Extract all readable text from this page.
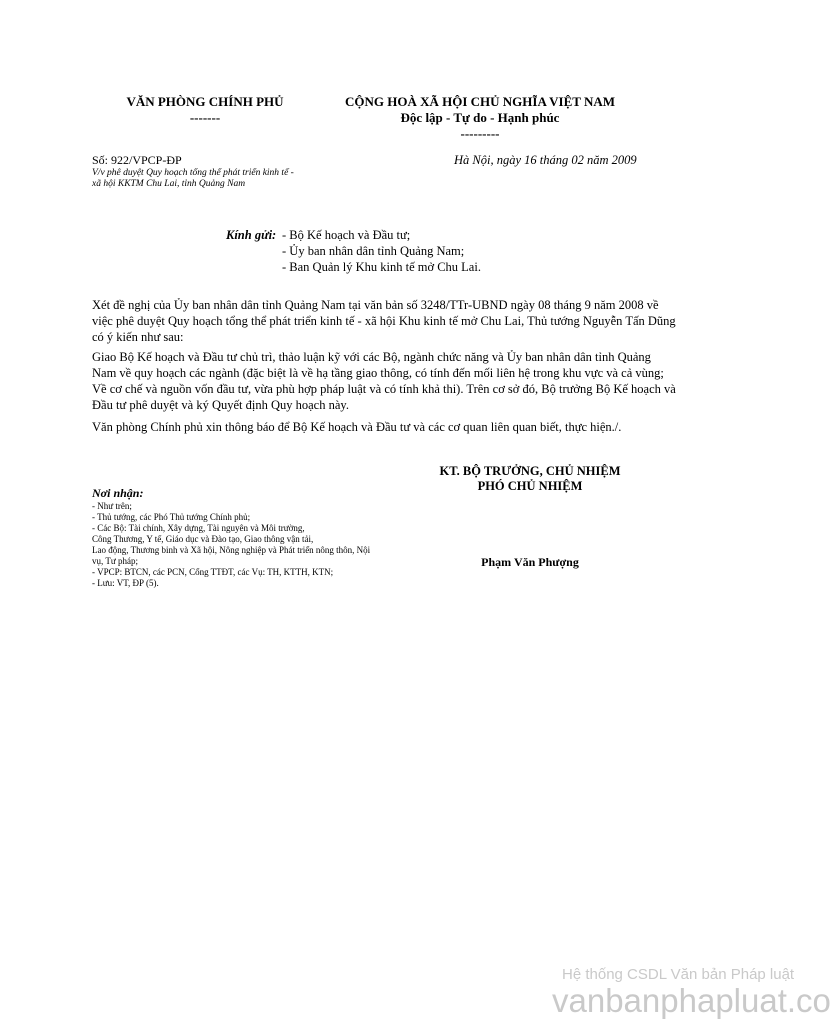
VĂN PHÒNG CHÍNH PHỦ
-------
CỘNG HOÀ XÃ HỘI CHỦ NGHĨA VIỆT NAM
Độc lập - Tự do - Hạnh phúc
---------
Số: 922/VPCP-ĐP
V/v phê duyệt Quy hoạch tổng thể phát triển kinh tế -
xã hội KKTM Chu Lai, tỉnh Quảng Nam
Hà Nội, ngày 16 tháng 02 năm 2009
Kính gửi: - Bộ Kế hoạch và Đầu tư;
- Ủy ban nhân dân tỉnh Quảng Nam;
- Ban Quản lý Khu kinh tế mở Chu Lai.
Xét đề nghị của Ủy ban nhân dân tỉnh Quảng Nam tại văn bản số 3248/TTr-UBND ngày 08 tháng 9 năm 2008 về
việc phê duyệt Quy hoạch tổng thể phát triển kinh tế - xã hội Khu kinh tế mở Chu Lai, Thủ tướng Nguyễn Tấn Dũng
có ý kiến như sau:
Giao Bộ Kế hoạch và Đầu tư chủ trì, thảo luận kỹ với các Bộ, ngành chức năng và Ủy ban nhân dân tỉnh Quảng
Nam về quy hoạch các ngành (đặc biệt là về hạ tầng giao thông, có tính đến mối liên hệ trong khu vực và cả vùng;
Về cơ chế và nguồn vốn đầu tư, vừa phù hợp pháp luật và có tính khả thi). Trên cơ sở đó, Bộ trưởng Bộ Kế hoạch và
Đầu tư phê duyệt và ký Quyết định Quy hoạch này.
Văn phòng Chính phủ xin thông báo để Bộ Kế hoạch và Đầu tư và các cơ quan liên quan biết, thực hiện./.
KT. BỘ TRƯỞNG, CHỦ NHIỆM
PHÓ CHỦ NHIỆM
Phạm Văn Phượng
Nơi nhận:
- Như trên;
- Thủ tướng, các Phó Thủ tướng Chính phủ;
- Các Bộ: Tài chính, Xây dựng, Tài nguyên và Môi trường,
Công Thương, Y tế, Giáo dục và Đào tạo, Giao thông vận tải,
Lao động, Thương binh và Xã hội, Nông nghiệp và Phát triển nông thôn, Nội
vụ, Tư pháp;
- VPCP: BTCN, các PCN, Cổng TTĐT, các Vụ: TH, KTTH, KTN;
- Lưu: VT, ĐP (5).
Hệ thống CSDL Văn bản Pháp luật
vanbanphapluat.co
